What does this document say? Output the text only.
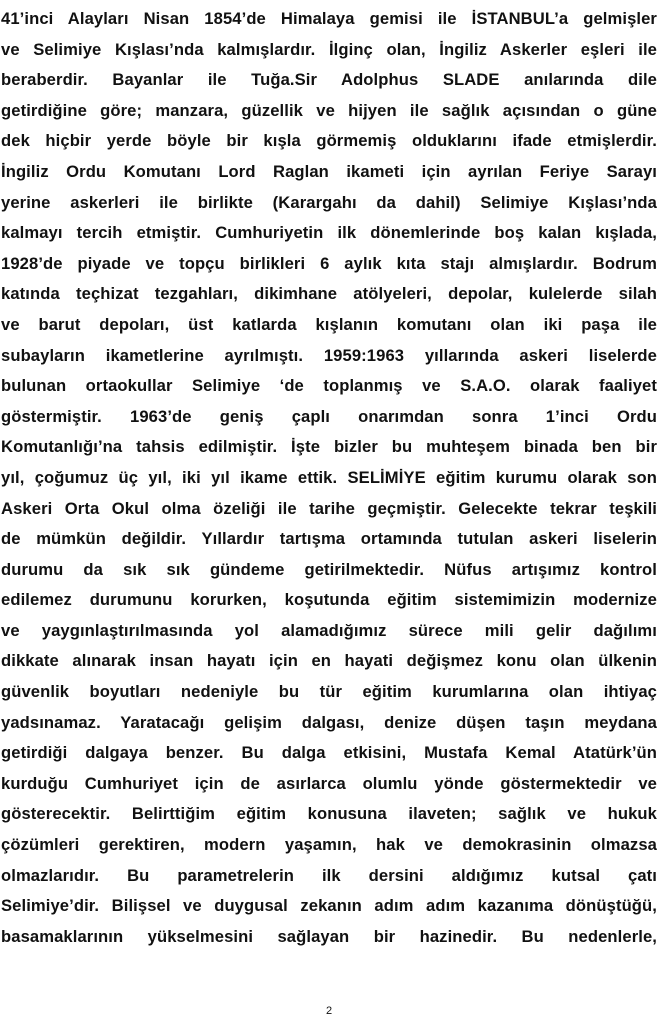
41’inci Alayları Nisan 1854’de Himalaya gemisi ile İSTANBUL’a gelmişler
ve Selimiye Kışlası’nda kalmışlardır. İlginç olan, İngiliz Askerler eşleri ile
beraberdir. Bayanlar ile Tuğa.Sir Adolphus SLADE anılarında dile
getirdiğine göre; manzara, güzellik ve hijyen ile sağlık açısından o güne
dek hiçbir yerde böyle bir kışla görmemiş olduklarını ifade etmişlerdir.
İngiliz Ordu Komutanı Lord Raglan ikameti için ayrılan Feriye Sarayı
yerine askerleri ile birlikte (Karargahı da dahil) Selimiye Kışlası’nda
kalmayı tercih etmiştir. Cumhuriyetin ilk dönemlerinde boş kalan kışlada,
1928’de piyade ve topçu birlikleri 6 aylık kıta stajı almışlardır. Bodrum
katında teçhizat tezgahları, dikimhane atölyeleri, depolar, kulelerde silah
ve barut depoları, üst katlarda kışlanın komutanı olan iki paşa ile
subayların ikametlerine ayrılmıştı. 1959:1963 yıllarında askeri liselerde
bulunan ortaokullar Selimiye ‘de toplanmış ve S.A.O. olarak faaliyet
göstermiştir. 1963’de geniş çaplı onarımdan sonra 1’inci Ordu
Komutanlığı’na tahsis edilmiştir. İşte bizler bu muhteşem binada ben bir
yıl, çoğumuz üç yıl, iki yıl ikame ettik. SELİMİYE eğitim kurumu olarak son
Askeri Orta Okul olma özeliği ile tarihe geçmiştir. Gelecekte tekrar teşkili
de mümkün değildir. Yıllardır tartışma ortamında tutulan askeri liselerin
durumu da sık sık gündeme getirilmektedir. Nüfus artışımız kontrol
edilemez durumunu korurken, koşutunda eğitim sistemimizin modernize
ve yaygınlaştırılmasında yol alamadığımız sürece mili gelir dağılımı
dikkate alınarak insan hayatı için en hayati değişmez konu olan ülkenin
güvenlik boyutları nedeniyle bu tür eğitim kurumlarına olan ihtiyaç
yadsınamaz. Yaratacağı gelişim dalgası, denize düşen taşın meydana
getirdiği dalgaya benzer. Bu dalga etkisini, Mustafa Kemal Atatürk’ün
kurduğu Cumhuriyet için de asırlarca olumlu yönde göstermektedir ve
gösterecektir. Belirttiğim eğitim konusuna ilaveten; sağlık ve hukuk
çözümleri gerektiren, modern yaşamın, hak ve demokrasinin olmazsa
olmazlarıdır. Bu parametrelerin ilk dersini aldığımız kutsal çatı
Selimiye’dir. Bilişsel ve duygusal zekanın adım adım kazanıma dönüştüğü,
basamaklarının yükselmesini sağlayan bir hazinedir. Bu nedenlerle,
2
